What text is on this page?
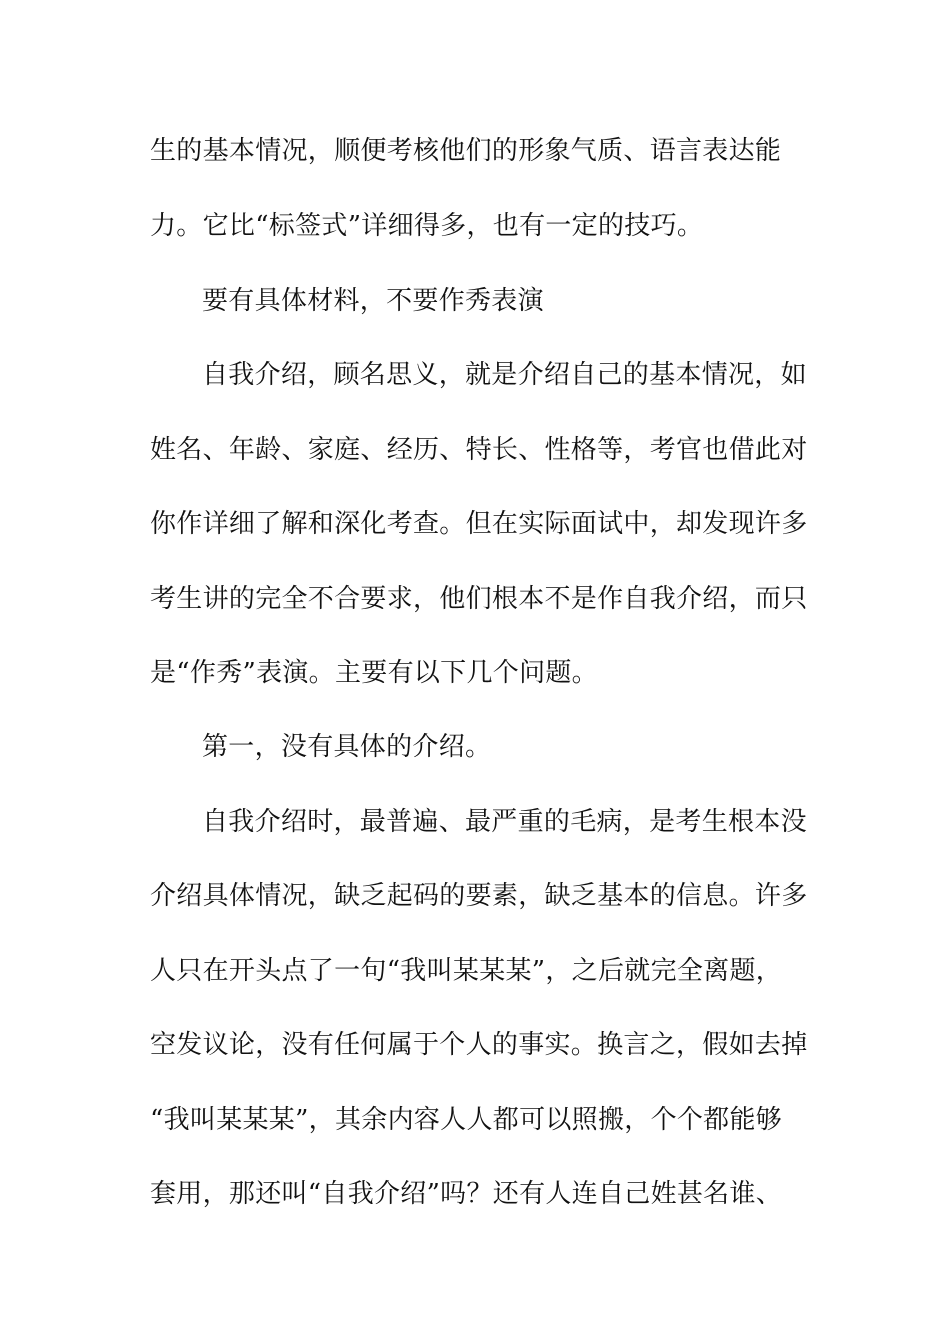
生的基本情况，顺便考核他们的形象气质、语言表达能
力。它比“标签式”详细得多，也有一定的技巧。
要有具体材料，不要作秀表演
自我介绍，顾名思义，就是介绍自己的基本情况，如
姓名、年龄、家庭、经历、特长、性格等，考官也借此对
你作详细了解和深化考查。但在实际面试中，却发现许多
考生讲的完全不合要求，他们根本不是作自我介绍，而只
是“作秀”表演。主要有以下几个问题。
第一，没有具体的介绍。
自我介绍时，最普遍、最严重的毛病，是考生根本没
介绍具体情况，缺乏起码的要素，缺乏基本的信息。许多
人只在开头点了一句“我叫某某某”，之后就完全离题，
空发议论，没有任何属于个人的事实。换言之，假如去掉
“我叫某某某”，其余内容人人都可以照搬，个个都能够
套用，那还叫“自我介绍”吗？还有人连自己姓甚名谁、
